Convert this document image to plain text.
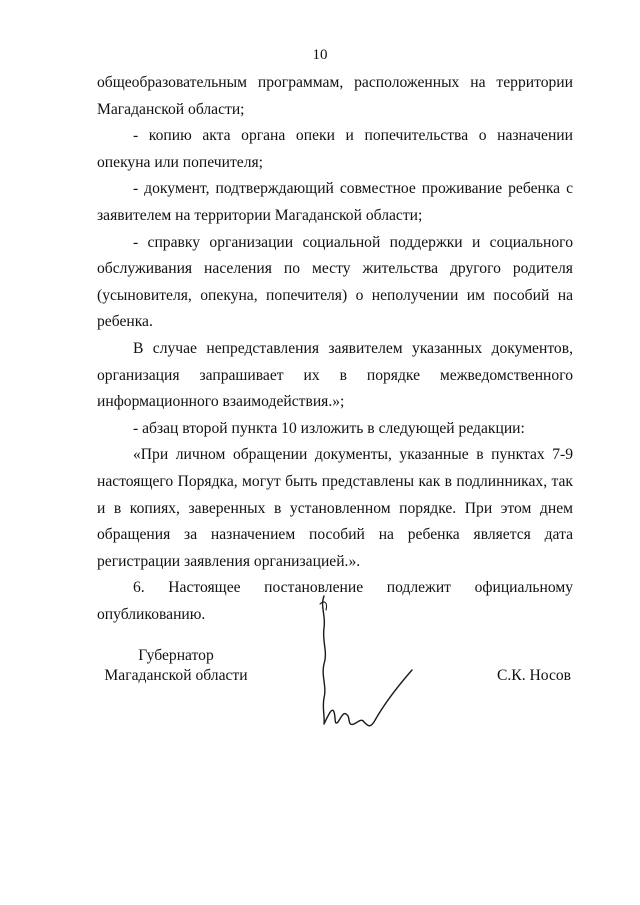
10

общеобразовательным программам, расположенных на территории Магаданской области;

- копию акта органа опеки и попечительства о назначении опекуна или попечителя;

- документ, подтверждающий совместное проживание ребенка с заявителем на территории Магаданской области;

- справку организации социальной поддержки и социального обслуживания населения по месту жительства другого родителя (усыновителя, опекуна, попечителя) о неполучении им пособий на ребенка.

В случае непредставления заявителем указанных документов, организация запрашивает их в порядке межведомственного информационного взаимодействия.»;

- абзац второй пункта 10 изложить в следующей редакции:

«При личном обращении документы, указанные в пунктах 7-9 настоящего Порядка, могут быть представлены как в подлинниках, так и в копиях, заверенных в установленном порядке. При этом днем обращения за назначением пособий на ребенка является дата регистрации заявления организацией.».

6. Настоящее постановление подлежит официальному опубликованию.

Губернатор
Магаданской области	С.К. Носов
